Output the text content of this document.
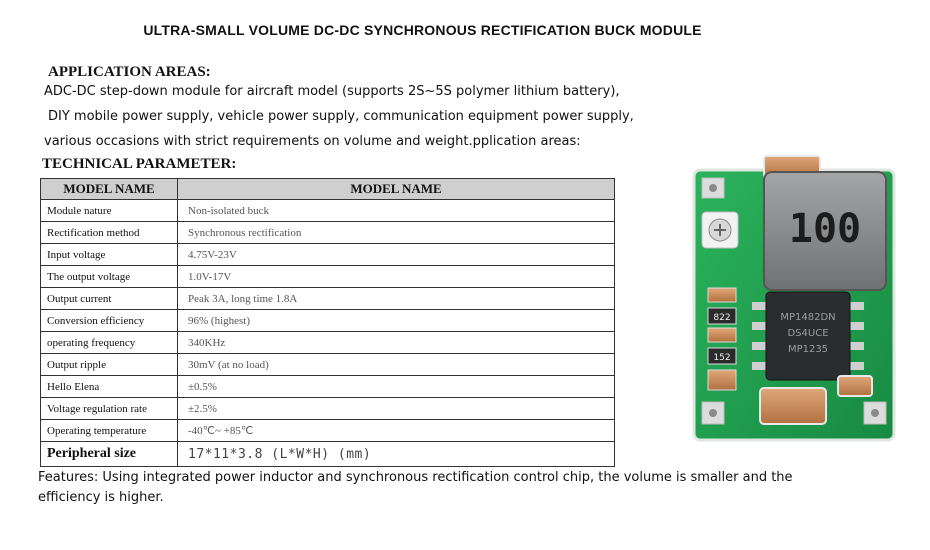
ULTRA-SMALL VOLUME DC-DC SYNCHRONOUS RECTIFICATION BUCK MODULE
APPLICATION AREAS:
ADC-DC step-down module for aircraft model (supports 2S~5S polymer lithium battery),
DIY mobile power supply, vehicle power supply, communication equipment power supply,
various occasions with strict requirements on volume and weight.pplication areas:
TECHNICAL PARAMETER:
MODEL NAME	MODEL NAME
Module nature	Non-isolated buck
Rectification method	Synchronous rectification
Input voltage	4.75V-23V
The output voltage	1.0V-17V
Output current	Peak 3A, long time 1.8A
Conversion efficiency	96% (highest)
operating frequency	340KHz
Output ripple	30mV (at no load)
Hello Elena	±0.5%
Voltage regulation rate	±2.5%
Operating temperature	-40℃~ +85℃
Peripheral size	17*11*3.8 (L*W*H) (mm)
Features: Using integrated power inductor and synchronous rectification control chip, the volume is smaller and the efficiency is higher.
100
822
152
MP1482DN
DS4UCE
MP1235
